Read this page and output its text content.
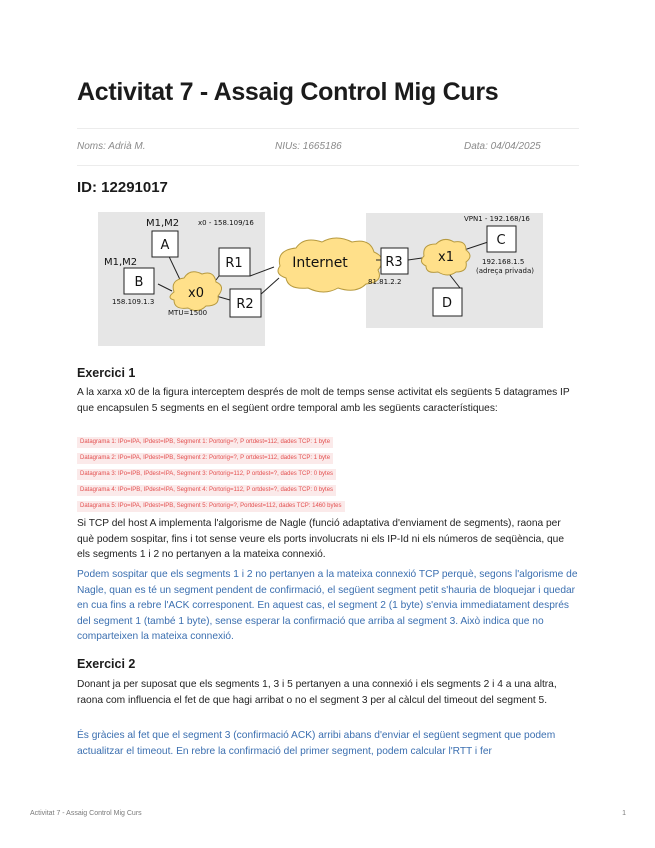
Activitat 7 - Assaig Control Mig Curs
Noms: Adrià M.	NIUs: 1665186	Data: 04/04/2025
ID: 12291017
x0
M1,M2	x0 - 158.109/16
A
M1,M2
B
158.109.1.3
R1
R2
MTU=1500
Internet	R3
81.81.2.2
x1
VPN1 - 192.168/16
C
192.168.1.5
(adreça privada)
D
Exercici 1

A la xarxa x0 de la figura interceptem després de molt de temps sense activitat els següents 5 datagrames IP que encapsulen 5 segments en el següent ordre temporal amb les següents característiques:

Datagrama 1: IPo=IPA, IPdest=IPB, Segment 1: Portorig=?, P ortdest=112, dades TCP: 1 byte
Datagrama 2: IPo=IPA, IPdest=IPB, Segment 2: Portorig=?, P ortdest=112, dades TCP: 1 byte
Datagrama 3: IPo=IPB, IPdest=IPA, Segment 3: Portorig=112, P ortdest=?, dades TCP: 0 bytes
Datagrama 4: IPo=IPB, IPdest=IPA, Segment 4: Portorig=112, P ortdest=?, dades TCP: 0 bytes
Datagrama 5: IPo=IPA, IPdest=IPB, Segment 5: Portorig=?, Portdest=112, dades TCP: 1460 bytes

Si TCP del host A implementa l'algorisme de Nagle (funció adaptativa d'enviament de segments), raona per què podem sospitar, fins i tot sense veure els ports involucrats ni els IP-Id ni els números de seqüència, que els segments 1 i 2 no pertanyen a la mateixa connexió.

Podem sospitar que els segments 1 i 2 no pertanyen a la mateixa connexió TCP perquè, segons l'algorisme de Nagle, quan es té un segment pendent de confirmació, el següent segment petit s'hauria de bloquejar i quedar en cua fins a rebre l'ACK corresponent. En aquest cas, el segment 2 (1 byte) s'envia immediatament després del segment 1 (també 1 byte), sense esperar la confirmació que arriba al segment 3. Això indica que no comparteixen la mateixa connexió.

Exercici 2

Donant ja per suposat que els segments 1, 3 i 5 pertanyen a una connexió i els segments 2 i 4 a una altra, raona com influencia el fet de que hagi arribat o no el segment 3 per al càlcul del timeout del segment 5.

És gràcies al fet que el segment 3 (confirmació ACK) arribi abans d'enviar el següent segment que podem actualitzar el timeout. En rebre la confirmació del primer segment, podem calcular l'RTT i fer

Activitat 7 - Assaig Control Mig Curs	1
